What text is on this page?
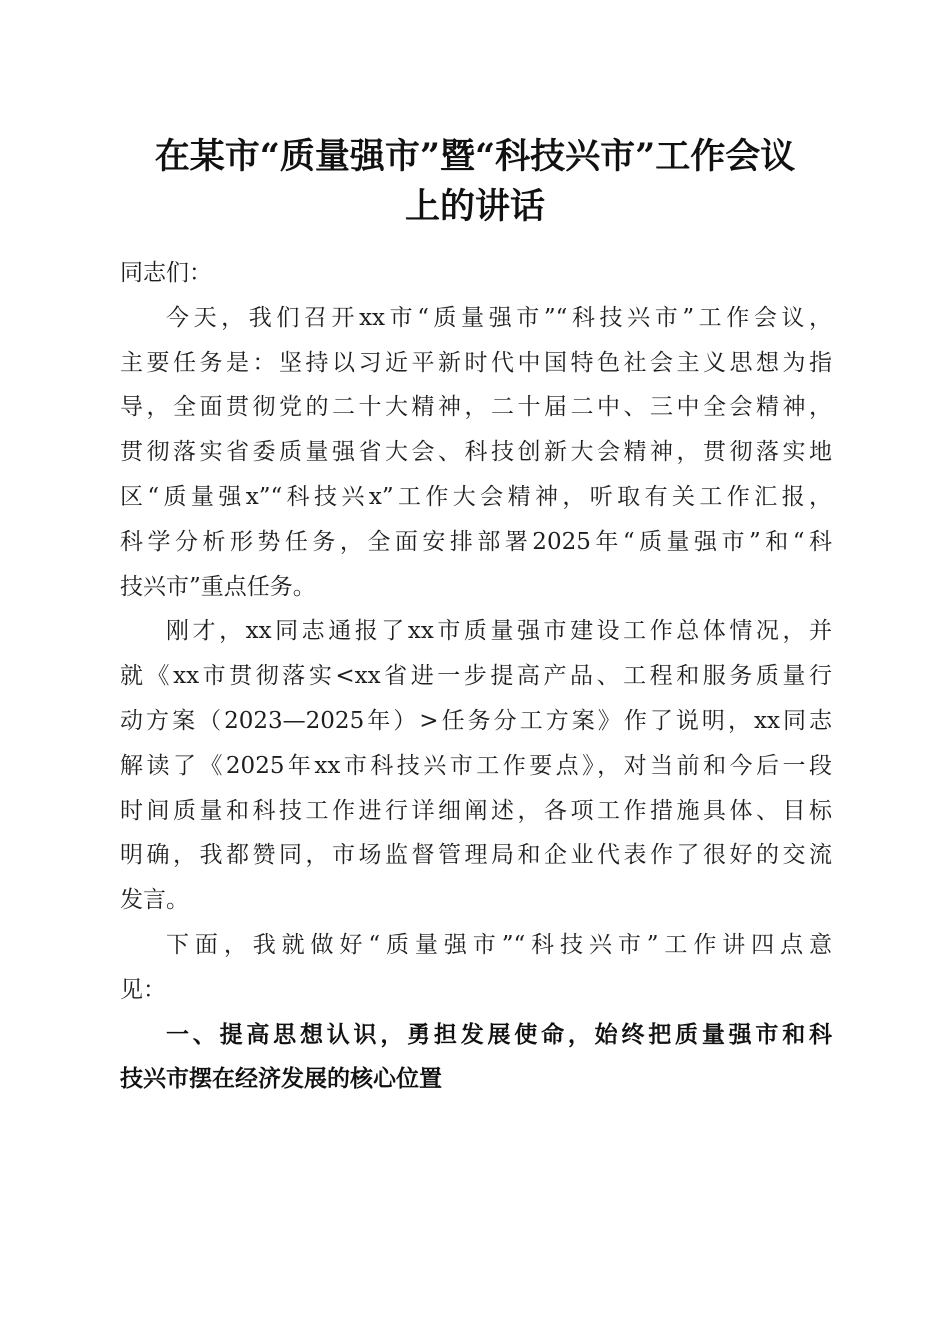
在某市“质量强市”暨“科技兴市”工作会议
上的讲话
同志们：
今天，我们召开xx市“质量强市”“科技兴市”工作会议，
主要任务是：坚持以习近平新时代中国特色社会主义思想为指
导，全面贯彻党的二十大精神，二十届二中、三中全会精神，
贯彻落实省委质量强省大会、科技创新大会精神，贯彻落实地
区“质量强x”“科技兴x”工作大会精神，听取有关工作汇报，
科学分析形势任务，全面安排部署2025年“质量强市”和“科
技兴市”重点任务。
刚才，xx同志通报了xx市质量强市建设工作总体情况，并
就《xx市贯彻落实<xx省进一步提高产品、工程和服务质量行
动方案（2023—2025年）>任务分工方案》作了说明，xx同志
解读了《2025年xx市科技兴市工作要点》，对当前和今后一段
时间质量和科技工作进行详细阐述，各项工作措施具体、目标
明确，我都赞同，市场监督管理局和企业代表作了很好的交流
发言。
下面，我就做好“质量强市”“科技兴市”工作讲四点意
见：
一、提高思想认识，勇担发展使命，始终把质量强市和科
技兴市摆在经济发展的核心位置
